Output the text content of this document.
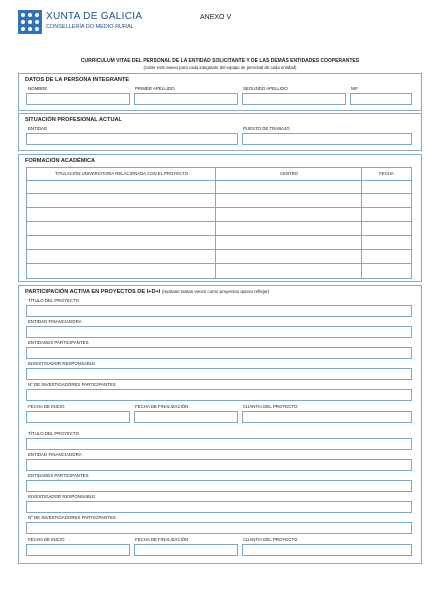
XUNTA DE GALICIA
CONSELLERÍA DO MEDIO RURAL
ANEXO V
CURRICULUM VITAE DEL PERSONAL DE LA ENTIDAD SOLICITANTE Y DE LAS DEMÁS ENTIDADES COOPERANTES
(cubrir este anexo para cada integrante del equipo de personal de cada entidad)
DATOS DE LA PERSONA INTEGRANTE
NOMBRE	PRIMER APELLIDO	SEGUNDO APELLIDO	NIF
SITUACIÓN PROFESIONAL ACTUAL
ENTIDAD	PUESTO DE TRABAJO
FORMACIÓN ACADÉMICA
TITULACIÓN UNIVERSITARIA RELACIONADA CON EL PROYECTO	CENTRO	FECHA
PARTICIPACIÓN ACTIVA EN PROYECTOS DE I+D+I (repítase tantas veces como proyectos quiera reflejar)
TÍTULO DEL PROYECTO
ENTIDAD FINANCIADORA
ENTIDADES PARTICIPANTES
INVESTIGADOR RESPONSABLE
Nº DE INVESTIGADORES PARTICIPANTES
FECHA DE INICIO	FECHA DE FINALIZACIÓN	CUANTÍA DEL PROYECTO
TÍTULO DEL PROYECTO
ENTIDAD FINANCIADORA
ENTIDADES PARTICIPANTES
INVESTIGADOR RESPONSABLE
Nº DE INVESTIGADORES PARTICIPANTES
FECHA DE INICIO	FECHA DE FINALIZACIÓN	CUANTÍA DEL PROYECTO
